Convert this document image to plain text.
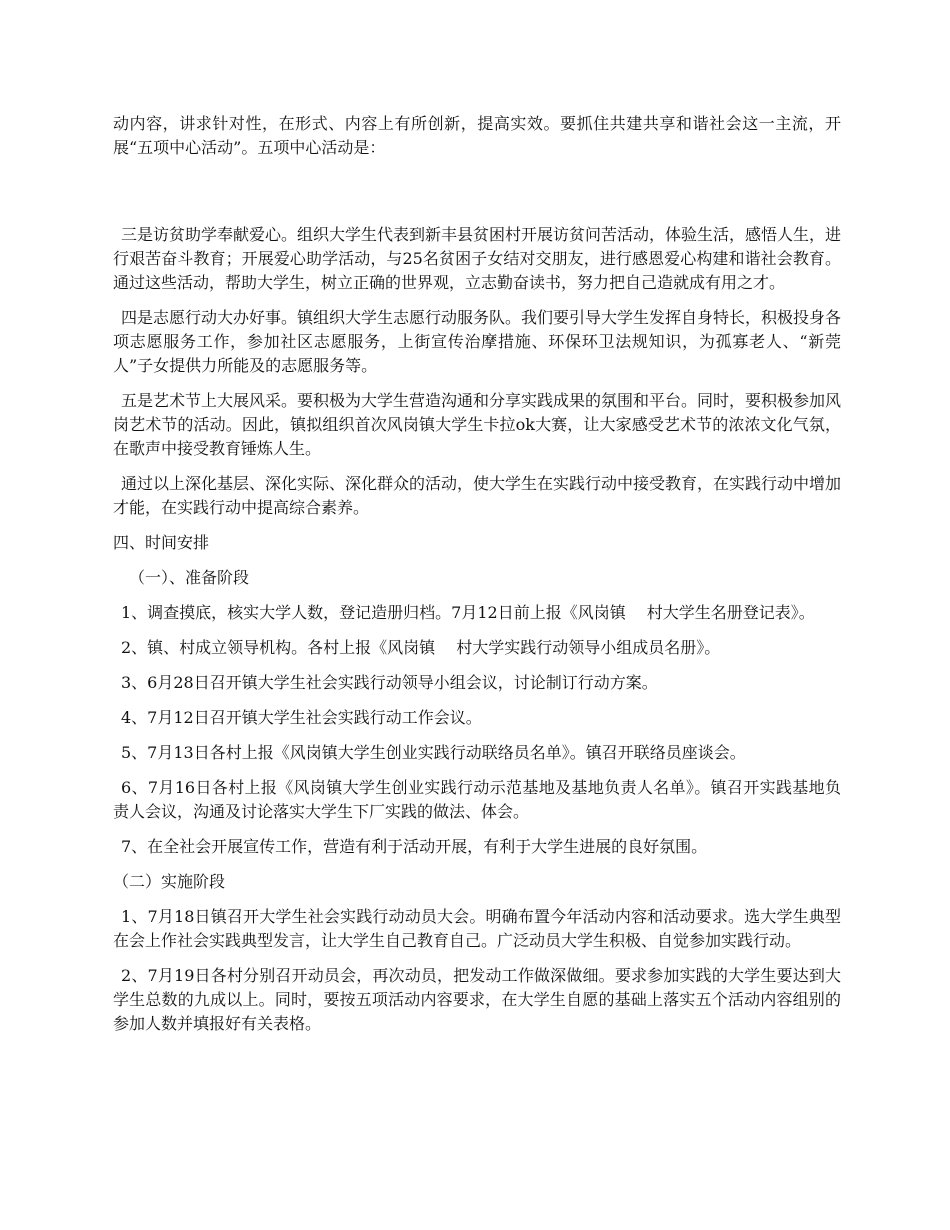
动内容，讲求针对性，在形式、内容上有所创新，提高实效。要抓住共建共享和谐社会这一主流，开展“五项中心活动”。五项中心活动是：

三是访贫助学奉献爱心。组织大学生代表到新丰县贫困村开展访贫问苦活动，体验生活，感悟人生，进行艰苦奋斗教育；开展爱心助学活动，与25名贫困子女结对交朋友，进行感恩爱心构建和谐社会教育。通过这些活动，帮助大学生，树立正确的世界观，立志勤奋读书，努力把自己造就成有用之才。

四是志愿行动大办好事。镇组织大学生志愿行动服务队。我们要引导大学生发挥自身特长，积极投身各项志愿服务工作，参加社区志愿服务，上街宣传治摩措施、环保环卫法规知识，为孤寡老人、“新莞人”子女提供力所能及的志愿服务等。

五是艺术节上大展风采。要积极为大学生营造沟通和分享实践成果的氛围和平台。同时，要积极参加风岗艺术节的活动。因此，镇拟组织首次风岗镇大学生卡拉ok大赛，让大家感受艺术节的浓浓文化气氛，在歌声中接受教育锤炼人生。

通过以上深化基层、深化实际、深化群众的活动，使大学生在实践行动中接受教育，在实践行动中增加才能，在实践行动中提高综合素养。

四、时间安排

（一）、准备阶段

1、调查摸底，核实大学人数，登记造册归档。7月12日前上报《风岗镇　 村大学生名册登记表》。

2、镇、村成立领导机构。各村上报《风岗镇　 村大学实践行动领导小组成员名册》。

3、6月28日召开镇大学生社会实践行动领导小组会议，讨论制订行动方案。

4、7月12日召开镇大学生社会实践行动工作会议。

5、7月13日各村上报《风岗镇大学生创业实践行动联络员名单》。镇召开联络员座谈会。

6、7月16日各村上报《风岗镇大学生创业实践行动示范基地及基地负责人名单》。镇召开实践基地负责人会议，沟通及讨论落实大学生下厂实践的做法、体会。

7、在全社会开展宣传工作，营造有利于活动开展，有利于大学生进展的良好氛围。

（二）实施阶段

1、7月18日镇召开大学生社会实践行动动员大会。明确布置今年活动内容和活动要求。选大学生典型在会上作社会实践典型发言，让大学生自己教育自己。广泛动员大学生积极、自觉参加实践行动。

2、7月19日各村分别召开动员会，再次动员，把发动工作做深做细。要求参加实践的大学生要达到大学生总数的九成以上。同时，要按五项活动内容要求，在大学生自愿的基础上落实五个活动内容组别的参加人数并填报好有关表格。
